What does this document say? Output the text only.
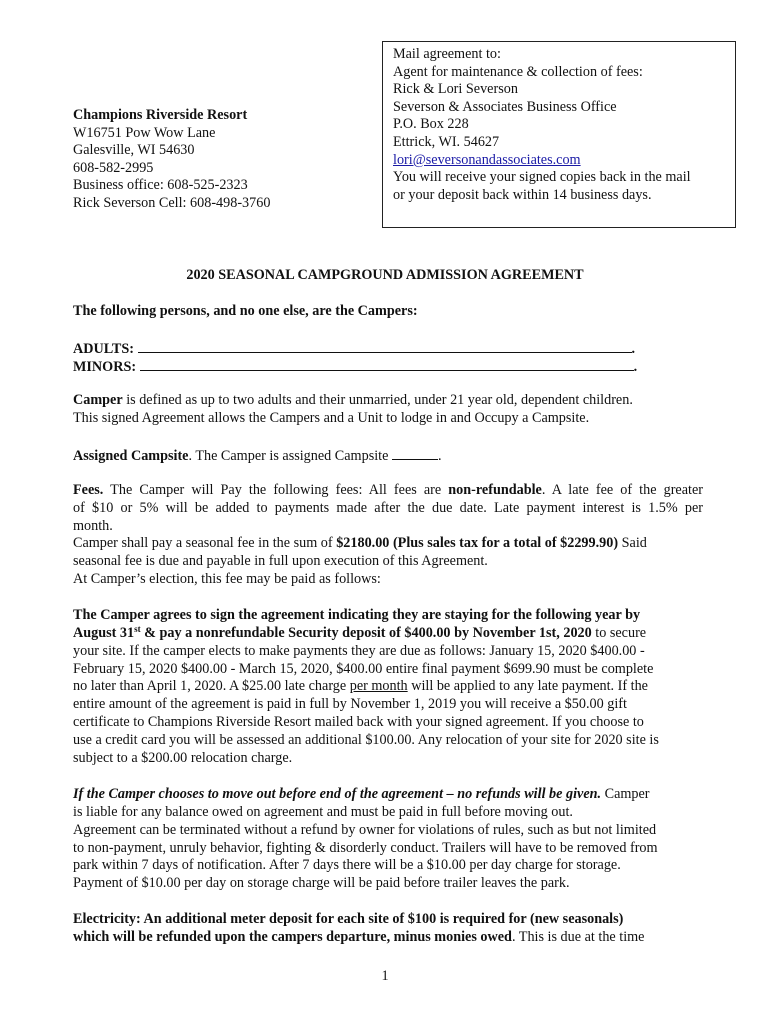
Mail agreement to:
Agent for maintenance & collection of fees:
Rick & Lori Severson
Severson & Associates Business Office
P.O. Box 228
Ettrick, WI. 54627
lori@seversonandassociates.com
You will receive your signed copies back in the mail
or your deposit back within 14 business days.
Champions Riverside Resort
W16751 Pow Wow Lane
Galesville, WI 54630
608-582-2995
Business office: 608-525-2323
Rick Severson Cell: 608-498-3760
2020 SEASONAL CAMPGROUND ADMISSION AGREEMENT
The following persons, and no one else, are the Campers:
ADULTS:	.
MINORS:	.
Camper is defined as up to two adults and their unmarried, under 21 year old, dependent children.
This signed Agreement allows the Campers and a Unit to lodge in and Occupy a Campsite.
Assigned Campsite. The Camper is assigned Campsite	.
Fees. The Camper will Pay the following fees: All fees are non-refundable. A late fee of the greater
of $10 or 5% will be added to payments made after the due date. Late payment interest is 1.5% per
month.
Camper shall pay a seasonal fee in the sum of $2180.00 (Plus sales tax for a total of $2299.90) Said
seasonal fee is due and payable in full upon execution of this Agreement.
At Camper’s election, this fee may be paid as follows:
The Camper agrees to sign the agreement indicating they are staying for the following year by
August 31st & pay a nonrefundable Security deposit of $400.00 by November 1st, 2020 to secure
your site. If the camper elects to make payments they are due as follows: January 15, 2020 $400.00 -
February 15, 2020 $400.00 - March 15, 2020, $400.00 entire final payment $699.90 must be complete
no later than April 1, 2020. A $25.00 late charge per month will be applied to any late payment. If the
entire amount of the agreement is paid in full by November 1, 2019 you will receive a $50.00 gift
certificate to Champions Riverside Resort mailed back with your signed agreement. If you choose to
use a credit card you will be assessed an additional $100.00. Any relocation of your site for 2020 site is
subject to a $200.00 relocation charge.
If the Camper chooses to move out before end of the agreement – no refunds will be given. Camper
is liable for any balance owed on agreement and must be paid in full before moving out.
Agreement can be terminated without a refund by owner for violations of rules, such as but not limited
to non-payment, unruly behavior, fighting & disorderly conduct. Trailers will have to be removed from
park within 7 days of notification. After 7 days there will be a $10.00 per day charge for storage.
Payment of $10.00 per day on storage charge will be paid before trailer leaves the park.
Electricity: An additional meter deposit for each site of $100 is required for (new seasonals)
which will be refunded upon the campers departure, minus monies owed. This is due at the time
1
